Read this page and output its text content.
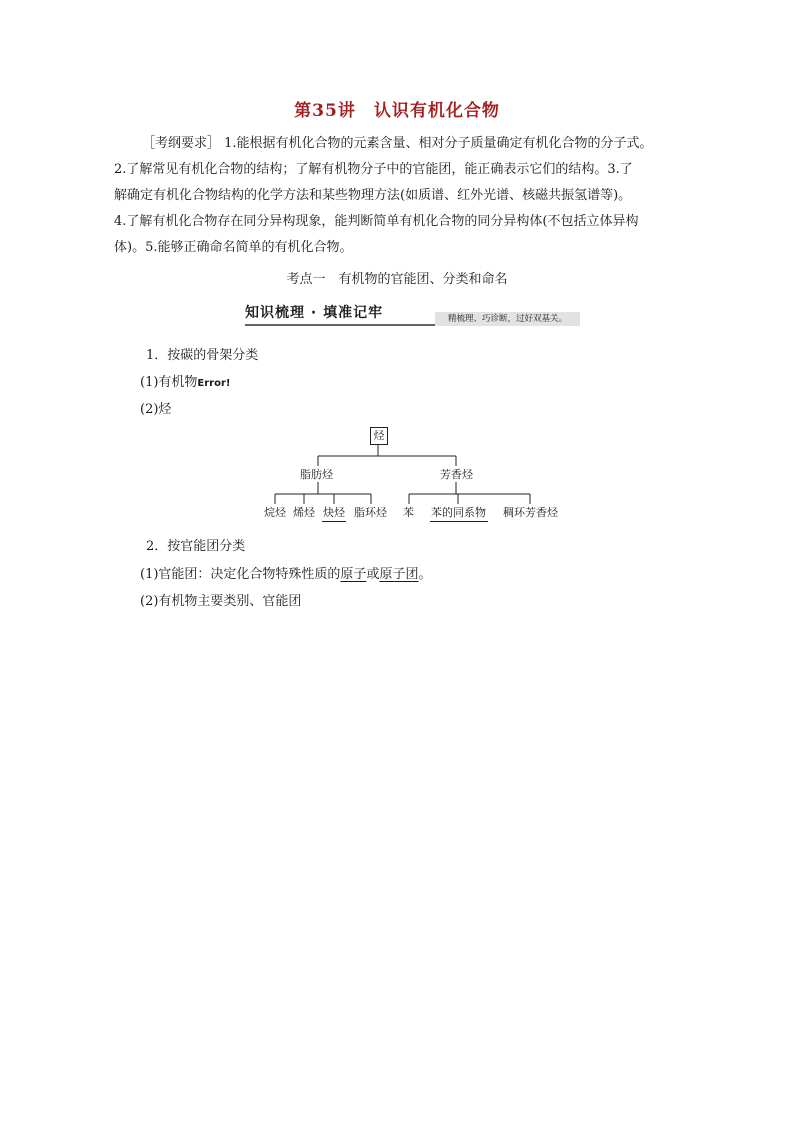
第35讲　认识有机化合物

［考纲要求］ 1.能根据有机化合物的元素含量、相对分子质量确定有机化合物的分子式。

2.了解常见有机化合物的结构；了解有机物分子中的官能团，能正确表示它们的结构。3.了

解确定有机化合物结构的化学方法和某些物理方法(如质谱、红外光谱、核磁共振氢谱等)。

4.了解有机化合物存在同分异构现象，能判断简单有机化合物的同分异构体(不包括立体异构

体)。5.能够正确命名简单的有机化合物。

考点一　有机物的官能团、分类和命名
知识梳理 · 填准记牢	精梳理、巧诊断，过好双基关。
1．按碳的骨架分类
(1)有机物Error!
(2)烃
烃
脂肪烃	芳香烃
烷烃 烯烃 炔烃 脂环烃 苯 苯的同系物 稠环芳香烃
2．按官能团分类
(1)官能团：决定化合物特殊性质的原子或原子团。
(2)有机物主要类别、官能团
